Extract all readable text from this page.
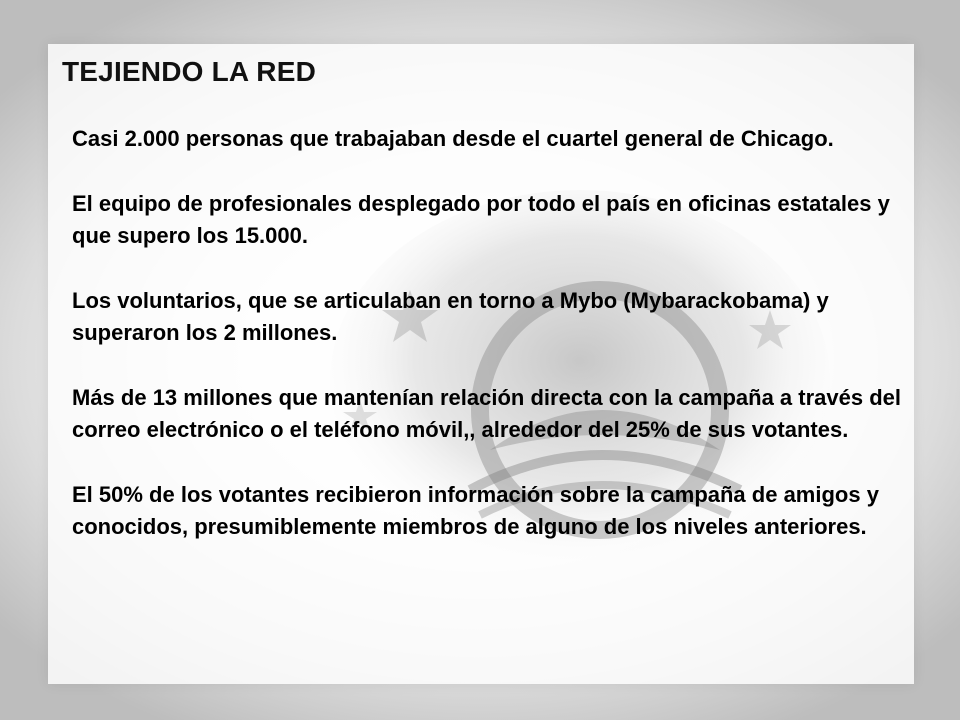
TEJIENDO LA RED

Casi 2.000 personas que trabajaban desde el cuartel general de Chicago.

El equipo de profesionales desplegado por todo el país en oficinas estatales y que supero los 15.000.

Los voluntarios, que se articulaban en torno a Mybo (Mybarackobama) y superaron los 2 millones.

Más de 13 millones que mantenían relación directa con la campaña a través del correo electrónico o el teléfono móvil,, alrededor del 25% de sus votantes.

El 50% de los votantes recibieron información sobre la campaña de amigos y conocidos, presumiblemente miembros de alguno de los niveles anteriores.
